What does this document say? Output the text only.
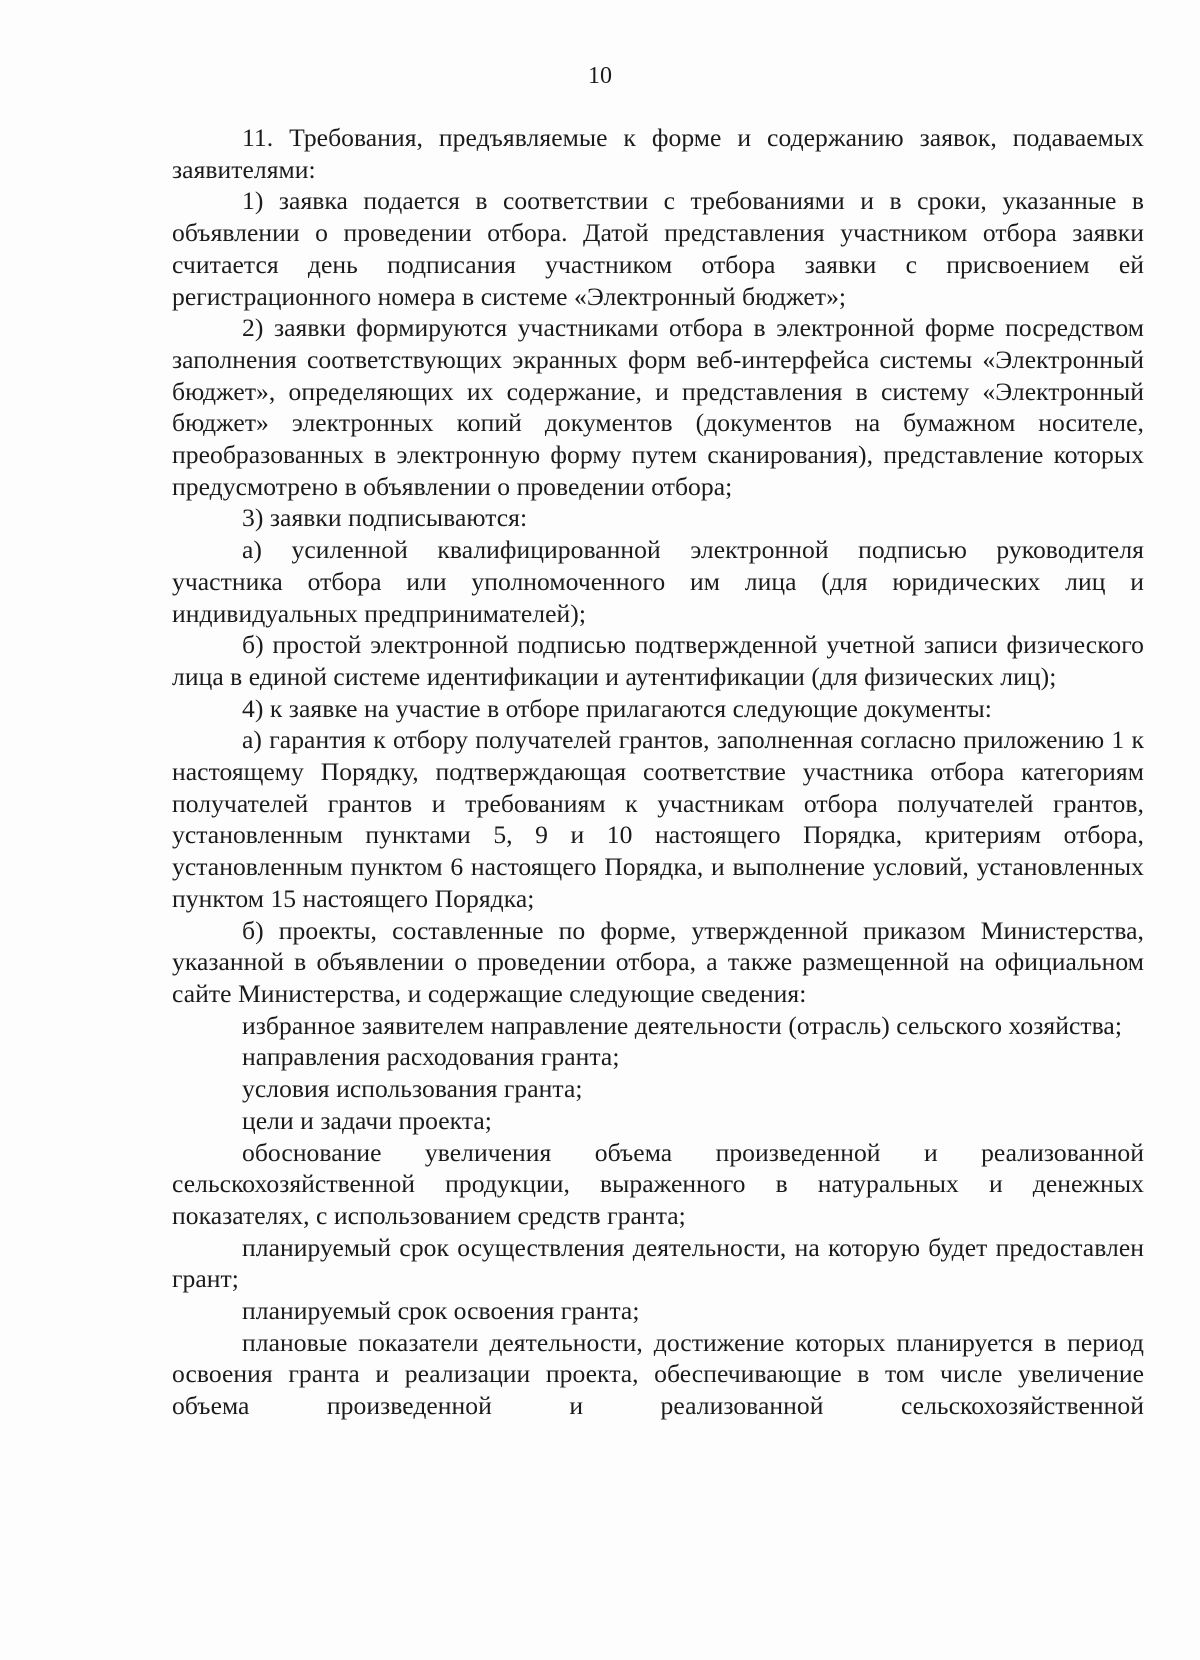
10

11. Требования, предъявляемые к форме и содержанию заявок, подаваемых заявителями:

1) заявка подается в соответствии с требованиями и в сроки, указанные в объявлении о проведении отбора. Датой представления участником отбора заявки считается день подписания участником отбора заявки с присвоением ей регистрационного номера в системе «Электронный бюджет»;

2) заявки формируются участниками отбора в электронной форме посредством заполнения соответствующих экранных форм веб-интерфейса системы «Электронный бюджет», определяющих их содержание, и представления в систему «Электронный бюджет» электронных копий документов (документов на бумажном носителе, преобразованных в электронную форму путем сканирования), представление которых предусмотрено в объявлении о проведении отбора;

3) заявки подписываются:

а) усиленной квалифицированной электронной подписью руководителя участника отбора или уполномоченного им лица (для юридических лиц и индивидуальных предпринимателей);

б) простой электронной подписью подтвержденной учетной записи физического лица в единой системе идентификации и аутентификации (для физических лиц);

4) к заявке на участие в отборе прилагаются следующие документы:

а) гарантия к отбору получателей грантов, заполненная согласно приложению 1 к настоящему Порядку, подтверждающая соответствие участника отбора категориям получателей грантов и требованиям к участникам отбора получателей грантов, установленным пунктами 5, 9 и 10 настоящего Порядка, критериям отбора, установленным пунктом 6 настоящего Порядка, и выполнение условий, установленных пунктом 15 настоящего Порядка;

б) проекты, составленные по форме, утвержденной приказом Министерства, указанной в объявлении о проведении отбора, а также размещенной на официальном сайте Министерства, и содержащие следующие сведения:

избранное заявителем направление деятельности (отрасль) сельского хозяйства;

направления расходования гранта;

условия использования гранта;

цели и задачи проекта;

обоснование увеличения объема произведенной и реализованной сельскохозяйственной продукции, выраженного в натуральных и денежных показателях, с использованием средств гранта;

планируемый срок осуществления деятельности, на которую будет предоставлен грант;

планируемый срок освоения гранта;

плановые показатели деятельности, достижение которых планируется в период освоения гранта и реализации проекта, обеспечивающие в том числе увеличение объема произведенной и реализованной сельскохозяйственной
